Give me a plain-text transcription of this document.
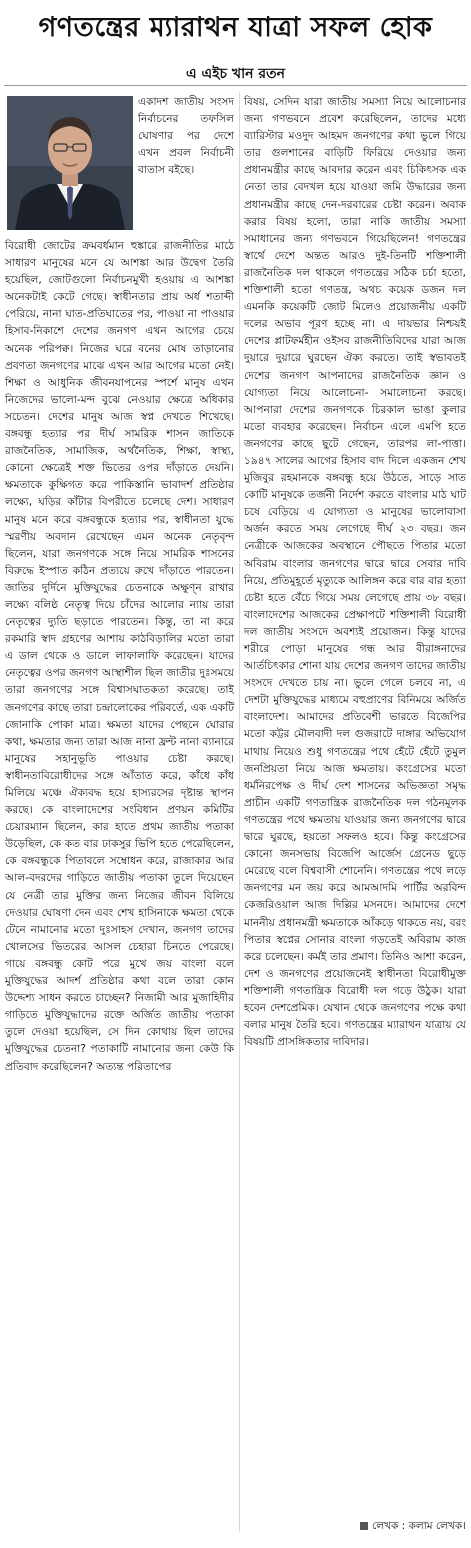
গণতন্ত্রের ম্যারাথন যাত্রা সফল হোক
এ এইচ খান রতন

একাদশ জাতীয় সংসদ নির্বাচনের তফসিল ঘোষণার পর দেশে এখন প্রবল নির্বাচনী বাতাস বইছে।

বিরোধী জোটের ক্রমবর্ধমান হুঙ্কারে রাজনীতির মাঠে সাধারণ মানুষের মনে যে আশঙ্কা আর উদ্বেগ তৈরি হয়েছিল, জোটগুলো নির্বাচনমুখী হওয়ায় এ আশঙ্কা অনেকটাই কেটে গেছে। স্বাধীনতার প্রায় অর্ধ শতাব্দী পেরিয়ে, নানা ঘাত-প্রতিঘাতের পর, পাওয়া না পাওয়ার হিসাব-নিকাশে দেশের জনগণ এখন আগের চেয়ে অনেক পরিপক্ব। নিজের ঘরে বনের মোষ তাড়ানোর প্রবণতা জনগণের মাঝে এখন আর আগের মতো নেই। শিক্ষা ও আধুনিক জীবনযাপনের স্পর্শে মানুষ এখন নিজেদের ভালো-মন্দ বুঝে নেওয়ার ক্ষেত্রে অধিকার সচেতন। দেশের মানুষ আজ স্বপ্ন দেখতে শিখেছে। বঙ্গবন্ধু হত্যার পর দীর্ঘ সামরিক শাসন জাতিকে রাজনৈতিক, সামাজিক, অর্থনৈতিক, শিক্ষা, স্বাস্থ্য, কোনো ক্ষেত্রেই শক্ত ভিতের ওপর দাঁড়াতে দেয়নি। ক্ষমতাকে কুক্ষিগত করে পাকিস্তানি ভাবাদর্শ প্রতিষ্ঠার লক্ষ্যে, ঘড়ির কাঁটার বিপরীতে চলেছে দেশ। সাধারণ মানুষ মনে করে বঙ্গবন্ধুকে হত্যার পর, স্বাধীনতা যুদ্ধে স্মরণীয় অবদান রেখেছেন এমন অনেক নেতৃবৃন্দ ছিলেন, যারা জনগণকে সঙ্গে নিয়ে সামরিক শাসনের বিরুদ্ধে ইস্পাত কঠিন প্রত্যয়ে রুখে দাঁড়াতে পারতেন। জাতির দুর্দিনে মুক্তিযুদ্ধের চেতনাকে অক্ষুণ্ন রাখার লক্ষ্যে বলিষ্ঠ নেতৃত্ব দিয়ে চাঁদের আলোর ন্যায় তারা নেতৃত্বের দ্যুতি ছড়াতে পারতেন। কিন্তু, তা না করে রকমারি স্বাদ গ্রহণের আশায় কাঠবিড়ালির মতো তারা এ ডাল থেকে ও ডালে লাফালাফি করেছেন। যাদের নেতৃত্বের ওপর জনগণ আস্থাশীল ছিল জাতীর দুঃসময়ে তারা জনগণের সঙ্গে বিশ্বাসঘাতকতা করেছে। তাই জনগণের কাছে তারা চন্দ্রালোকের পরিবর্তে, এক একটি জোনাকি পোকা মাত্র। ক্ষমতা যাদের পেছনে ঘোরার কথা, ক্ষমতার জন্য তারা আজ নানা ফ্রন্ট নানা ব্যানারে মানুষের সহানুভূতি পাওয়ার চেষ্টা করছে। স্বাধীনতাবিরোধীদের সঙ্গে আঁতাত করে, কাঁধে কাঁধ মিলিয়ে মঞ্চে ঐক্যবদ্ধ হয়ে হাস্যরসের দৃষ্টান্ত স্থাপন করছে। কে বাংলাদেশের সংবিধান প্রণয়ন কমিটির চেয়ারম্যান ছিলেন, কার হাতে প্রথম জাতীয় পতাকা উড়েছিল, কে কত বার ঢাকসুর ভিপি হতে পেরেছিলেন, কে বঙ্গবন্ধুকে পিতাবলে সম্বোধন করে, রাজাকার আর আল-বদরদের গাড়িতে জাতীয় পতাকা তুলে দিয়েছেন যে নেত্রী তার মুক্তির জন্য নিজের জীবন বিলিয়ে দেওয়ার ঘোষণা দেন এবং শেখ হাসিনাকে ক্ষমতা থেকে টেনে নামানোর মতো দুঃসাহস দেখান, জনগণ তাদের খোলসের ভিতরের আসল চেহারা চিনতে পেরেছে। গায়ে বঙ্গবন্ধু কোট পরে মুখে জয় বাংলা বলে মুক্তিযুদ্ধের আদর্শ প্রতিষ্ঠার কথা বলে তারা কোন উদ্দেশ্য সাধন করতে চাচ্ছেন? নিজামী আর মুজাহিদীর গাড়িতে মুক্তিযুদ্ধাদের রক্তে অর্জিত জাতীয় পতাকা তুলে দেওয়া হয়েছিল, সে দিন কোথায় ছিল তাদের মুক্তিযুদ্ধের চেতনা? পতাকাটি নামানোর জন্য কেউ কি প্রতিবাদ করেছিলেন? অত্যন্ত পরিতাপের

বিষয়, সেদিন যারা জাতীয় সমস্যা নিয়ে আলোচনার জন্য গণভবনে প্রবেশ করেছিলেন, তাদের মধ্যে ব্যারিস্টার মওদুদ আহমদ জনগণের কথা ভুলে গিয়ে তার গুলশানের বাড়িটি ফিরিয়ে দেওয়ার জন্য প্রধানমন্ত্রীর কাছে আবদার করেন এবং চিকিৎসক এক নেতা তার বেদখল হয়ে যাওয়া জমি উদ্ধারের জন্য প্রধানমন্ত্রীর কাছে দেন-দরবারের চেষ্টা করেন। অবাক করার বিষয় হলো, তারা নাকি জাতীয় সমস্যা সমাধানের জন্য গণভবনে গিয়েছিলেন! গণতন্ত্রের স্বার্থে দেশে অন্তত আরও দুই-তিনটি শক্তিশালী রাজনৈতিক দল থাকলে গণতন্ত্রের সঠিক চর্চা হতো, শক্তিশালী হতো গণতন্ত্র, অথচ কয়েক ডজন দল এমনকি কয়েকটি জোট মিলেও প্রয়োজনীয় একটি দলের অভাব পূরণ হচ্ছে না। এ দায়ভার নিশ্চয়ই দেশের প্লাটফর্মহীন ওইসব রাজনীতিবিদের যারা আজ দুয়ারে দুয়ারে ঘুরছেন ঐক্য করতে। তাই স্বভাবতই দেশের জনগণ আপনাদের রাজনৈতিক জ্ঞান ও যোগ্যতা নিয়ে আলোচনা- সমালোচনা করছে। আপনারা দেশের জনগণকে চিরকাল ভাঙা কুলার মতো ব্যবহার করেছেন। নির্বাচন এলে এমপি হতে জনগণের কাছে ছুটে গেছেন, তারপর লা-পাত্তা। ১৯৪৭ সালের আগের হিসাব বাদ দিলে একজন শেখ মুজিবুর রহমানকে বঙ্গবন্ধু হয়ে উঠতে, সাড়ে সাত কোটি মানুষকে তর্জনী নির্দেশ করতে বাংলার মাঠ ঘাট চষে বেড়িয়ে এ যোগ্যতা ও মানুষের ভালোবাসা অর্জন করতে সময় লেগেছে দীর্ঘ ২৩ বছর। জন নেত্রীকে আজকের অবস্থানে পৌছতে পিতার মতো অবিরাম বাংলার জনগণের দ্বারে দ্বারে সেবার দাবি নিয়ে, প্রতিমুহূর্তে মৃত্যুকে আলিঙ্গন করে বার বার হত্যা চেষ্টা হতে বেঁচে গিয়ে সময় লেগেছে প্রায় ৩৮ বছর। বাংলাদেশের আজকের প্রেক্ষাপটে শক্তিশালী বিরোধী দল জাতীয় সংসদে অবশ্যই প্রয়োজন। কিন্তু যাদের শরীরে পোড়া মানুষের গন্ধ আর বীরাঙ্গনাদের আর্তচিৎকার শোনা যায় দেশের জনগণ তাদের জাতীয় সংসদে দেখতে চায় না। ভুলে গেলে চলবে না, এ দেশটা মুক্তিযুদ্ধের মাধ্যমে বহুপ্রাণের বিনিময়ে অর্জিত বাংলাদেশ। আমাদের প্রতিবেশী ভারতে বিজেপির মতো কট্টর মৌলবাদী দল গুজরাটে দাঙ্গার অভিযোগ মাথায় নিয়েও শুধু গণতন্ত্রের পথে হেঁটে হেঁটে তুমুল জনপ্রিয়তা নিয়ে আজ ক্ষমতায়। কংগ্রেসের মতো ধর্মনিরপেক্ষ ও দীর্ঘ দেশ শাসনের অভিজ্ঞতা সমৃদ্ধ প্রাচীন একটি গণতান্ত্রিক রাজনৈতিক দল গঠনমূলক গণতন্ত্রের পথে ক্ষমতায় যাওয়ার জন্য জনগণের দ্বারে দ্বারে ঘুরছে, হয়তো সফলও হবে। কিন্তু কংগ্রেসের কোনো জনসভায় বিজেপি আর্জেস গ্রেনেড ছুড়ে মেরেছে বলে বিশ্ববাসী শোনেনি। গণতন্ত্রের পথে লড়ে জনগণের মন জয় করে আমআদমি পার্টির অরবিন্দ কেজরিওয়াল আজ দিল্লির মসনদে। আমাদের দেশে মাননীয় প্রধানমন্ত্রী ক্ষমতাকে আঁকড়ে থাকতে নয়, বরং পিতার স্বপ্নের সোনার বাংলা গড়তেই অবিরাম কাজ করে চলেছেন। কর্মই তার প্রমাণ। তিনিও আশা করেন, দেশ ও জনগণের প্রয়োজনেই স্বাধীনতা বিরোধীমুক্ত শক্তিশালী গণতান্ত্রিক বিরোধী দল গড়ে উঠুক। যারা হবেন দেশপ্রেমিক। যেখান থেকে জনগণের পক্ষে কথা বলার মানুষ তৈরি হবে। গণতন্ত্রের ম্যারাথন যাত্রায় যে বিষয়টি প্রাসঙ্গিকতার দাবিদার।

লেখক : কলাম লেখক।
